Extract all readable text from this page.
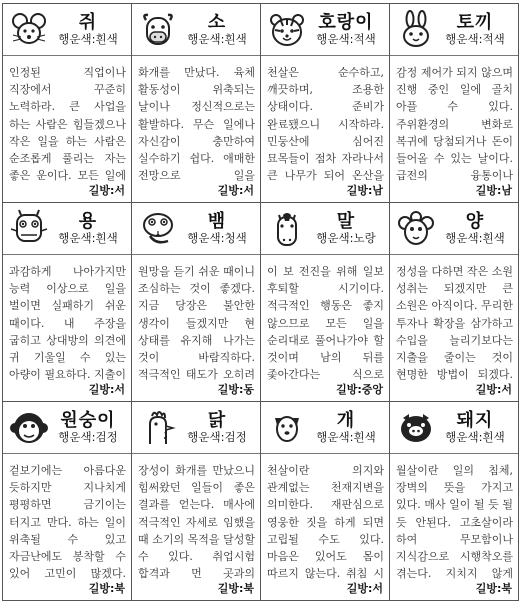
쥐
행운색:흰색
인정된 직업이나 직장에서 꾸준히 노력하라. 큰 사업을 하는 사람은 힘들겠으나 작은 일을 하는 사람은 순조롭게 풀리는 자는 좋은 운이다. 모든 일에
길방:서
소
행운색:흰색
화개를 만났다. 육체 활동성이 위축되는 날이나 정신적으로는 활발하다. 무슨 일에나 자신감이 충만하여 실수하기 쉽다. 애매한 전망으로 일을
길방:서
호랑이
행운색:적색
천살은 순수하고, 깨끗하며, 조용한 상태이다. 준비가 완료됐으니 시작하라. 민둥산에 심어진 묘목들이 점차 자라나서 큰 나무가 되어 온산을
길방:남
토끼
행운색:적색
감정 제어가 되지 않으며 진행 중인 일에 골치 아플 수 있다. 주위환경의 변화로 복귀에 당첨되거나 돈이 들어올 수 있는 날이다. 급전의 융통이나
길방:남
용
행운색:흰색
과감하게 나아가지만 능력 이상으로 일을 벌이면 실패하기 쉬운 때이다. 내 주장을 굽히고 상대방의 의견에 귀 기울일 수 있는 아량이 필요하다. 지출이
길방:서
뱀
행운색:청색
원망을 듣기 쉬운 때이니 조심하는 것이 좋겠다. 지금 당장은 불안한 생각이 들겠지만 현 상태를 유지해 나가는 것이 바람직하다. 적극적인 태도가 오히려
길방:동
말
행운색:노랑
이 보 전진을 위해 일보 후퇴할 시기이다. 적극적인 행동은 좋지 않으므로 모든 일을 순리대로 풀어나가야 할 것이며 남의 뒤를 좇아간다는 식으로
길방:중앙
양
행운색:흰색
정성을 다하면 작은 소원 성취는 되겠지만 큰 소원은 아직이다. 무리한 투자나 확장을 삼가하고 수입을 늘리기보다는 지출을 줄이는 것이 현명한 방법이 되겠다.
길방:서
원숭이
행운색:검정
겉보기에는 아름다운 듯하지만 지나치게 평평하면 금기이는 터지고 만다. 하는 일이 위축될 수 있고 자금난에도 봉착할 수 있어 고민이 많겠다.
길방:북
닭
행운색:검정
장성이 화개를 만났으니 힘써왔던 일들이 좋은 결과를 얻는다. 매사에 적극적인 자세로 임했을 때 소기의 목적을 달성할 수 있다. 취업시험 합격과 먼 곳과의
길방:북
개
행운색:흰색
천살이란 의지와 관계없는 천재지변을 의미한다. 재판심으로 영웅한 짓을 하게 되면 고립될 수도 있다. 마음은 있어도 몸이 따르지 않는다. 취침 시
길방:서
돼지
행운색:흰색
월살이란 일의 침체, 장벽의 뜻을 가지고 있다. 매사 일이 될 듯 될 듯 안된다. 고초살이라 하여 무모함이나 지식감으로 시행착오를 겪는다. 지치지 않게
길방:북
